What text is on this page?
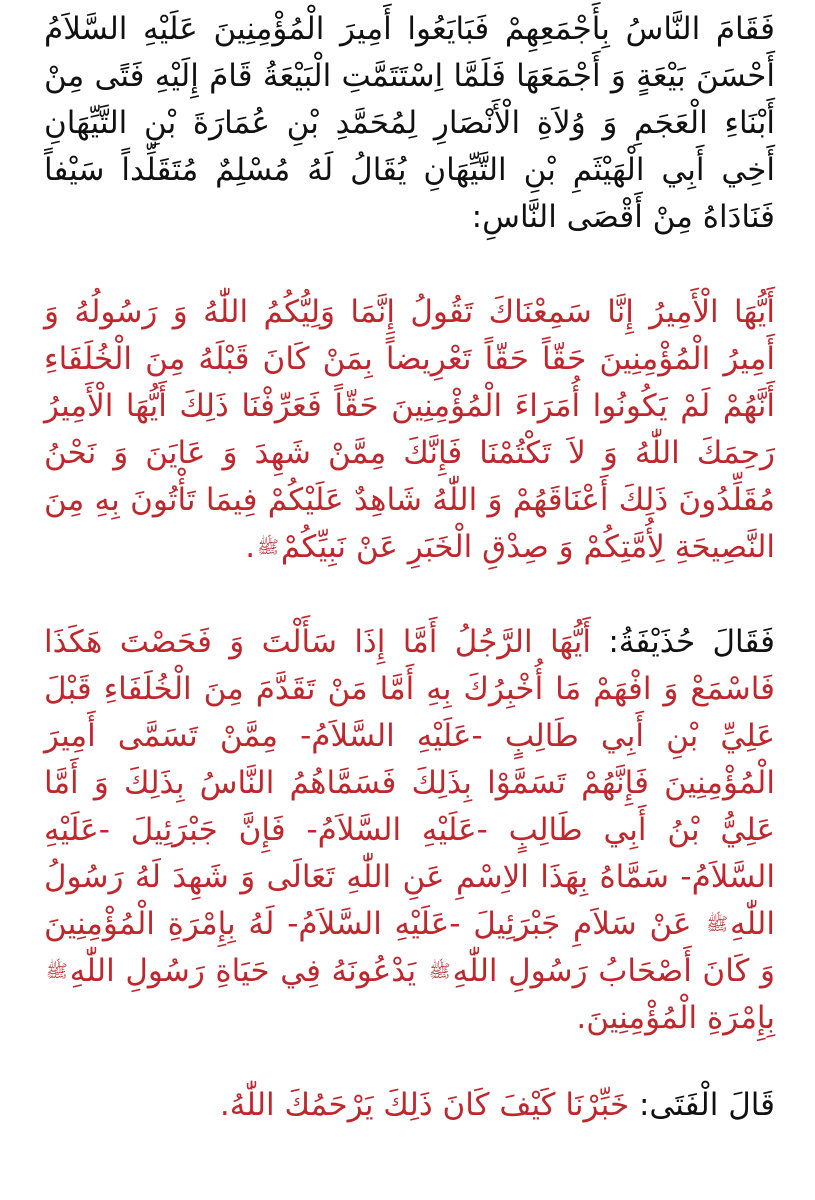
فَقَامَ النَّاسُ بِأَجْمَعِهِمْ فَبَايَعُوا أَمِيرَ الْمُؤْمِنِينَ عَلَيْهِ السَّلاَمُ أَحْسَنَ بَيْعَةٍ وَ أَجْمَعَهَا فَلَمَّا اِسْتَتَمَّتِ الْبَيْعَةُ قَامَ إِلَيْهِ فَتًى مِنْ أَبْنَاءِ الْعَجَمِ وَ وُلاَةِ الْأَنْصَارِ لِمُحَمَّدِ بْنِ عُمَارَةَ بْنِ التَّيِّهَانِ أَخِي أَبِي الْهَيْثَمِ بْنِ التَّيِّهَانِ يُقَالُ لَهُ مُسْلِمٌ مُتَقَلِّداً سَيْفاً فَنَادَاهُ مِنْ أَقْصَى النَّاسِ:

أَيُّهَا الْأَمِيرُ إِنَّا سَمِعْنَاكَ تَقُولُ إِنَّمَا وَلِيُّكُمُ اللّٰهُ وَ رَسُولُهُ وَ أَمِيرُ الْمُؤْمِنِينَ حَقّاً حَقّاً تَعْرِيضاً بِمَنْ كَانَ قَبْلَهُ مِنَ الْخُلَفَاءِ أَنَّهُمْ لَمْ يَكُونُوا أُمَرَاءَ الْمُؤْمِنِينَ حَقّاً فَعَرِّفْنَا ذَلِكَ أَيُّهَا الْأَمِيرُ رَحِمَكَ اللّٰهُ وَ لاَ تَكْتُمْنَا فَإِنَّكَ مِمَّنْ شَهِدَ وَ عَايَنَ وَ نَحْنُ مُقَلِّدُونَ ذَلِكَ أَعْنَاقَهُمْ وَ اللّٰهُ شَاهِدٌ عَلَيْكُمْ فِيمَا تَأْتُونَ بِهِ مِنَ النَّصِيحَةِ لِأُمَّتِكُمْ وَ صِدْقِ الْخَبَرِ عَنْ نَبِيِّكُمْﷺ.

فَقَالَ حُذَيْفَةُ: أَيُّهَا الرَّجُلُ أَمَّا إِذَا سَأَلْتَ وَ فَحَصْتَ هَكَذَا فَاسْمَعْ وَ افْهَمْ مَا أُخْبِرُكَ بِهِ أَمَّا مَنْ تَقَدَّمَ مِنَ الْخُلَفَاءِ قَبْلَ عَلِيِّ بْنِ أَبِي طَالِبٍ -عَلَيْهِ السَّلاَمُ- مِمَّنْ تَسَمَّى أَمِيرَ الْمُؤْمِنِينَ فَإِنَّهُمْ تَسَمَّوْا بِذَلِكَ فَسَمَّاهُمُ النَّاسُ بِذَلِكَ وَ أَمَّا عَلِيُّ بْنُ أَبِي طَالِبٍ -عَلَيْهِ السَّلاَمُ- فَإِنَّ جَبْرَئِيلَ -عَلَيْهِ السَّلاَمُ- سَمَّاهُ بِهَذَا الاِسْمِ عَنِ اللّٰهِ تَعَالَى وَ شَهِدَ لَهُ رَسُولُ اللّٰهِﷺ عَنْ سَلاَمِ جَبْرَئِيلَ -عَلَيْهِ السَّلاَمُ- لَهُ بِإِمْرَةِ الْمُؤْمِنِينَ وَ كَانَ أَصْحَابُ رَسُولِ اللّٰهِﷺ يَدْعُونَهُ فِي حَيَاةِ رَسُولِ اللّٰهِﷺ بِإِمْرَةِ الْمُؤْمِنِينَ.

قَالَ الْفَتَى: خَبِّرْنَا كَيْفَ كَانَ ذَلِكَ يَرْحَمُكَ اللّٰهُ.
